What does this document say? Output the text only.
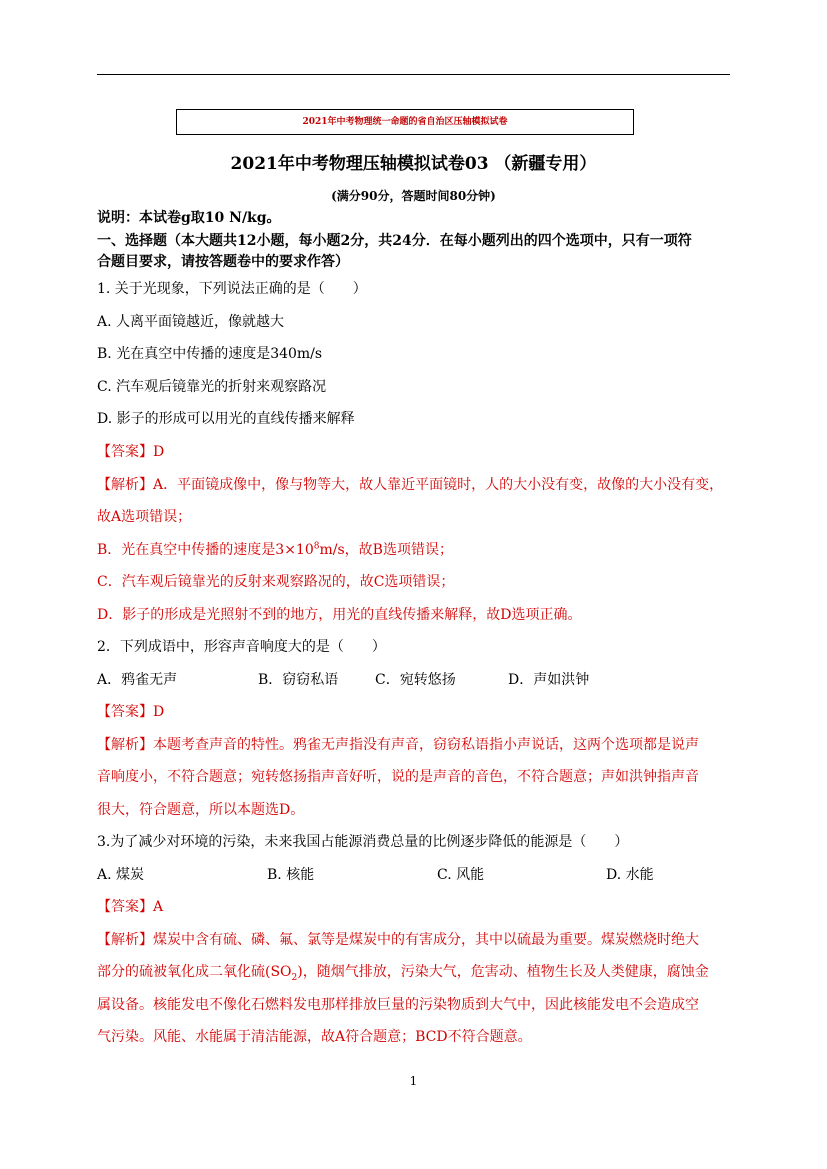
2021年中考物理统一命题的省自治区压轴模拟试卷
2021年中考物理压轴模拟试卷03 （新疆专用）
(满分90分，答题时间80分钟)
说明：本试卷g取10 N/kg。
一、选择题（本大题共12小题，每小题2分，共24分．在每小题列出的四个选项中，只有一项符
合题目要求，请按答题卷中的要求作答）
1. 关于光现象，下列说法正确的是（　　）
A. 人离平面镜越近，像就越大
B. 光在真空中传播的速度是340m/s
C. 汽车观后镜靠光的折射来观察路况
D. 影子的形成可以用光的直线传播来解释
【答案】D
【解析】A．平面镜成像中，像与物等大，故人靠近平面镜时，人的大小没有变，故像的大小没有变，
故A选项错误；
B．光在真空中传播的速度是$3\times 10^8m/s$，故B选项错误；
C．汽车观后镜靠光的反射来观察路况的，故C选项错误；
D．影子的形成是光照射不到的地方，用光的直线传播来解释，故D选项正确。
2．下列成语中，形容声音响度大的是（　　）
A．鸦雀无声	B．窃窃私语	C．宛转悠扬	D．声如洪钟
【答案】D
【解析】本题考查声音的特性。鸦雀无声指没有声音，窃窃私语指小声说话，这两个选项都是说声
音响度小，不符合题意；宛转悠扬指声音好听，说的是声音的音色，不符合题意；声如洪钟指声音
很大，符合题意，所以本题选D。
3.为了减少对环境的污染，未来我国占能源消费总量的比例逐步降低的能源是（　　）
A. 煤炭	B. 核能	C. 风能	D. 水能
【答案】A
【解析】煤炭中含有硫、磷、氟、氯等是煤炭中的有害成分，其中以硫最为重要。煤炭燃烧时绝大
部分的硫被氧化成二氧化硫$(SO_2)$，随烟气排放，污染大气，危害动、植物生长及人类健康，腐蚀金
属设备。核能发电不像化石燃料发电那样排放巨量的污染物质到大气中，因此核能发电不会造成空
气污染。风能、水能属于清洁能源，故A符合题意；BCD不符合题意。
1
